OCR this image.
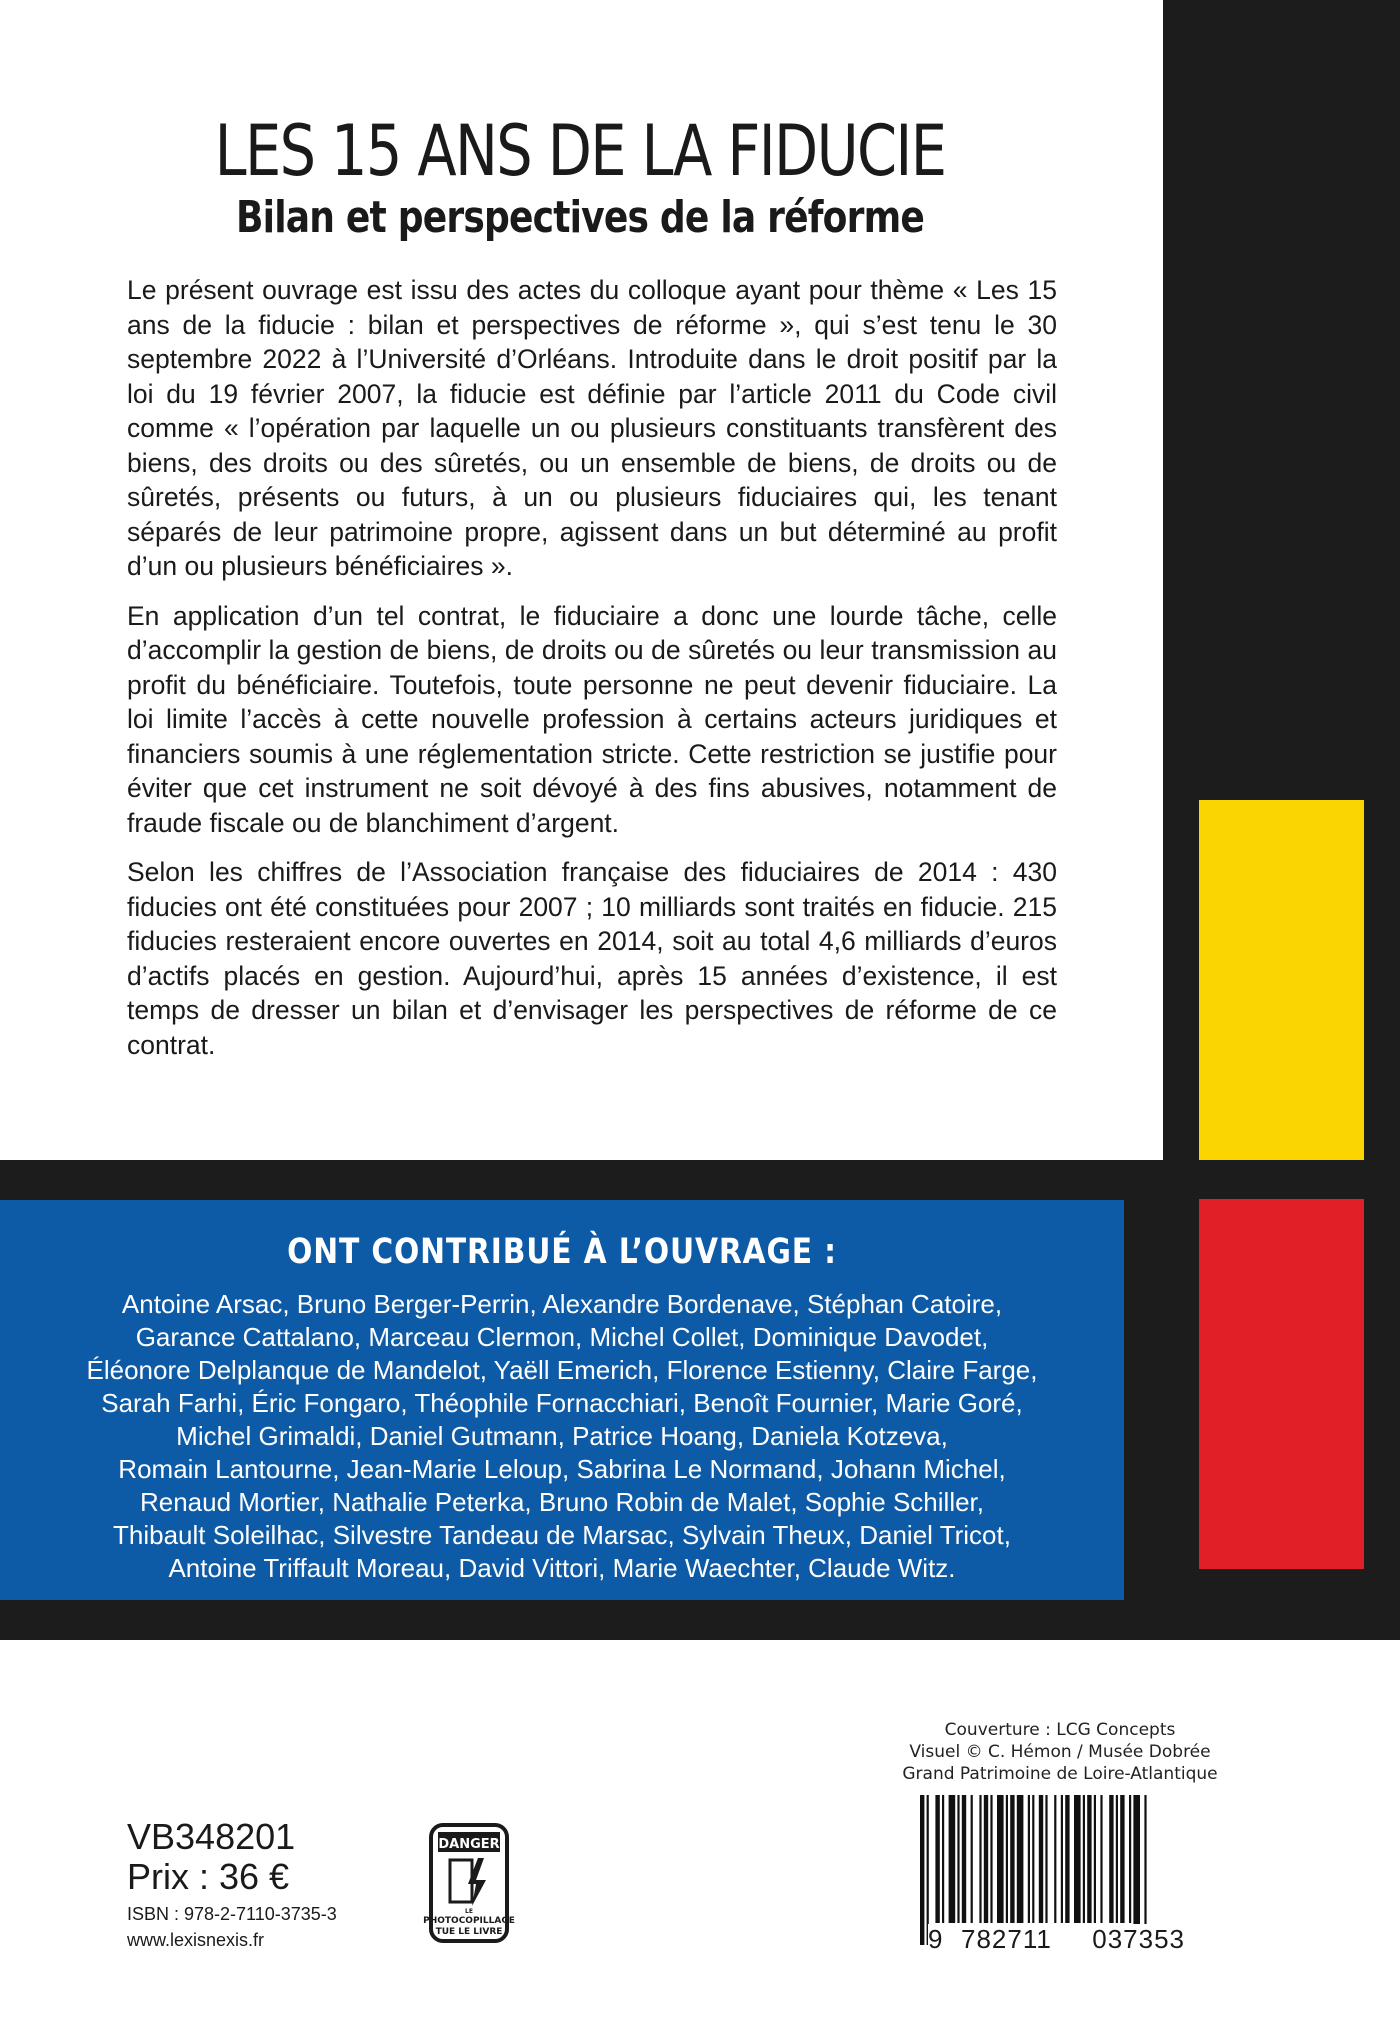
LES 15 ANS DE LA FIDUCIE
Bilan et perspectives de la réforme

Le présent ouvrage est issu des actes du colloque ayant pour thème « Les 15 ans de la fiducie : bilan et perspectives de réforme », qui s’est tenu le 30 septembre 2022 à l’Université d’Orléans. Introduite dans le droit positif par la loi du 19 février 2007, la fiducie est définie par l’article 2011 du Code civil comme « l’opération par laquelle un ou plusieurs constituants transfèrent des biens, des droits ou des sûretés, ou un ensemble de biens, de droits ou de sûretés, présents ou futurs, à un ou plusieurs fiduciaires qui, les tenant séparés de leur patrimoine propre, agissent dans un but déterminé au profit d’un ou plusieurs bénéficiaires ».

En application d’un tel contrat, le fiduciaire a donc une lourde tâche, celle d’accomplir la gestion de biens, de droits ou de sûretés ou leur transmission au profit du bénéficiaire. Toutefois, toute personne ne peut devenir fiduciaire. La loi limite l’accès à cette nouvelle profession à certains acteurs juridiques et financiers soumis à une réglementation stricte. Cette restriction se justifie pour éviter que cet instrument ne soit dévoyé à des fins abusives, notamment de fraude fiscale ou de blanchiment d’argent.

Selon les chiffres de l’Association française des fiduciaires de 2014 : 430 fiducies ont été constituées pour 2007 ; 10 milliards sont traités en fiducie. 215 fiducies resteraient encore ouvertes en 2014, soit au total 4,6 milliards d’euros d’actifs placés en gestion. Aujourd’hui, après 15 années d’existence, il est temps de dresser un bilan et d’envisager les perspectives de réforme de ce contrat.

ONT CONTRIBUÉ À L’OUVRAGE :
Antoine Arsac, Bruno Berger-Perrin, Alexandre Bordenave, Stéphan Catoire,
Garance Cattalano, Marceau Clermon, Michel Collet, Dominique Davodet,
Éléonore Delplanque de Mandelot, Yaëll Emerich, Florence Estienny, Claire Farge,
Sarah Farhi, Éric Fongaro, Théophile Fornacchiari, Benoît Fournier, Marie Goré,
Michel Grimaldi, Daniel Gutmann, Patrice Hoang, Daniela Kotzeva,
Romain Lantourne, Jean-Marie Leloup, Sabrina Le Normand, Johann Michel,
Renaud Mortier, Nathalie Peterka, Bruno Robin de Malet, Sophie Schiller,
Thibault Soleilhac, Silvestre Tandeau de Marsac, Sylvain Theux, Daniel Tricot,
Antoine Triffault Moreau, David Vittori, Marie Waechter, Claude Witz.
Couverture : LCG Concepts
Visuel © C. Hémon / Musée Dobrée
Grand Patrimoine de Loire-Atlantique

VB348201

Prix : 36 €

ISBN : 978-2-7110-3735-3

www.lexisnexis.fr

DANGER
LE
PHOTOCOPILLAGE
TUE LE LIVRE	9 782711 037353
